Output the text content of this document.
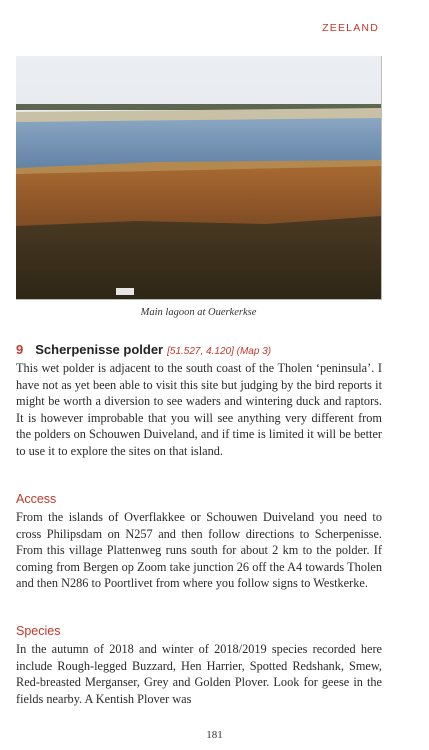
ZEELAND
Main lagoon at Ouerkerkse
9 Scherpenisse polder [51.527, 4.120] (Map 3)

This wet polder is adjacent to the south coast of the Tholen ‘peninsula’. I have not as yet been able to visit this site but judging by the bird reports it might be worth a diversion to see waders and wintering duck and raptors. It is however improbable that you will see anything very different from the polders on Schouwen Duiveland, and if time is limited it will be better to use it to explore the sites on that island.

Access

From the islands of Overflakkee or Schouwen Duiveland you need to cross Philipsdam on N257 and then follow directions to Scherpenisse. From this village Plattenweg runs south for about 2 km to the polder. If coming from Bergen op Zoom take junction 26 off the A4 towards Tholen and then N286 to Poortlivet from where you follow signs to Westkerke.

Species

In the autumn of 2018 and winter of 2018/2019 species recorded here include Rough-legged Buzzard, Hen Harrier, Spotted Redshank, Smew, Red-breasted Merganser, Grey and Golden Plover. Look for geese in the fields nearby. A Kentish Plover was

181
